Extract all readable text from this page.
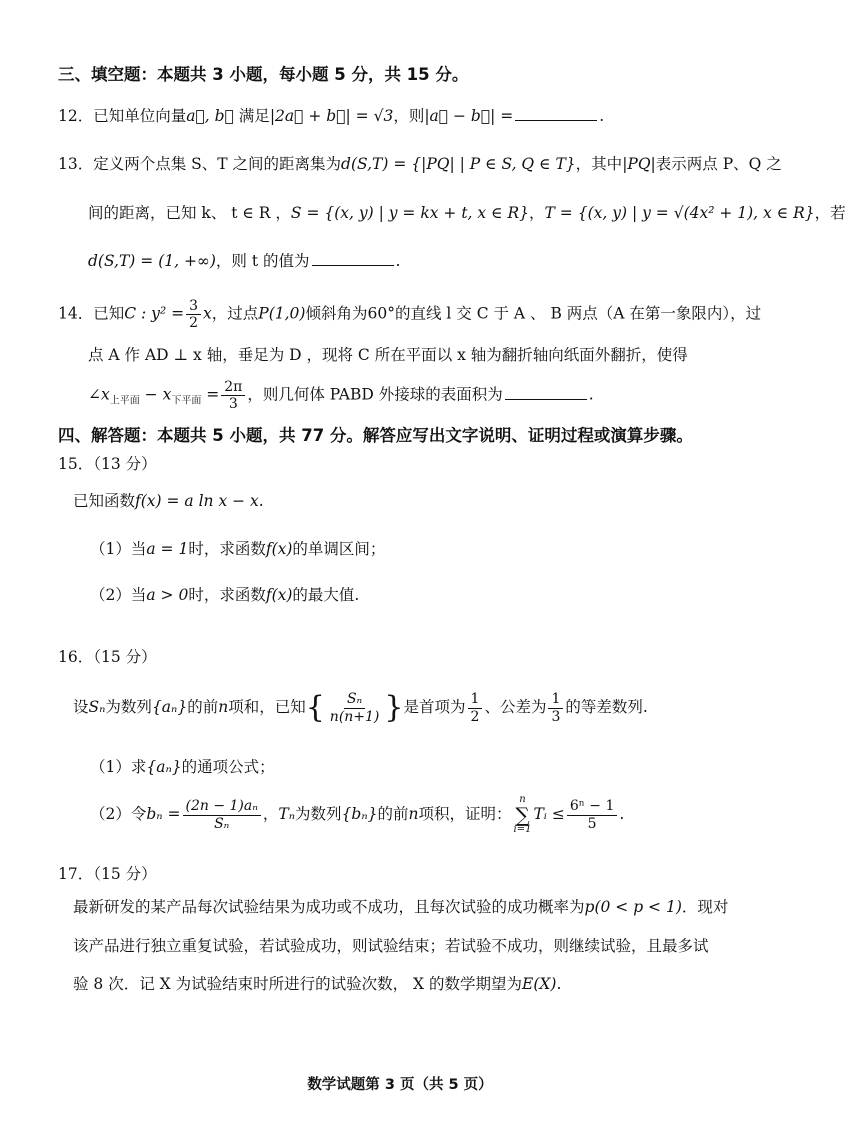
三、填空题：本题共 3 小题，每小题 5 分，共 15 分。
12．已知单位向量a⃗, b⃗ 满足|2a⃗ + b⃗| = √3，则|a⃗ − b⃗| =	.
13．定义两个点集 S、T 之间的距离集为d(S,T) = {|PQ| | P ∈ S, Q ∈ T}，其中|PQ|表示两点 P、Q 之
间的距离，已知 k、 t ∈ R ，S = {(x, y) | y = kx + t, x ∈ R}，T = {(x, y) | y = √(4x² + 1), x ∈ R}，若
d(S,T) = (1, +∞)，则 t 的值为	.
14．已知C : $y^2 = \frac{3}{2}$ x，过点P(1,0)倾斜角为60°的直线 l 交 C 于 A 、 B 两点（A 在第一象限内），过
点 A 作 AD ⊥ x 轴，垂足为 D ，现将 C 所在平面以 x 轴为翻折轴向纸面外翻折，使得
$\angle x_{上平面} - x_{下平面} = \frac{2\pi}{3}$ ，则几何体 PABD 外接球的表面积为	.
四、解答题：本题共 5 小题，共 77 分。解答应写出文字说明、证明过程或演算步骤。
15．（13 分）
已知函数f(x) = a ln x − x.
（1）当a = 1时，求函数f(x)的单调区间；
（2）当a > 0时，求函数f(x)的最大值.
16．（15 分）
设Sₙ为数列{aₙ}的前n项和，已知{ $\frac{\text{Sₙ}}{n(n+1)}$ }是首项为 $\frac{1}{2}$ 、公差为 $\frac{1}{3}$ 的等差数列.
（1）求{aₙ}的通项公式；
（2）令$b_n = \frac{\text{(2n − 1)aₙ}}{\text{Sₙ}}$ ，Tₙ为数列{bₙ}的前n项积，证明：
n
∑
i=1
Tᵢ ≤ $\frac{\text{6ⁿ − 1}}{5}$ .
17．（15 分）
最新研发的某产品每次试验结果为成功或不成功，且每次试验的成功概率为p(0 < p < 1)．现对
该产品进行独立重复试验，若试验成功，则试验结束；若试验不成功，则继续试验，且最多试
验 8 次．记 X 为试验结束时所进行的试验次数， X 的数学期望为E(X).
数学试题第 3 页（共 5 页）
